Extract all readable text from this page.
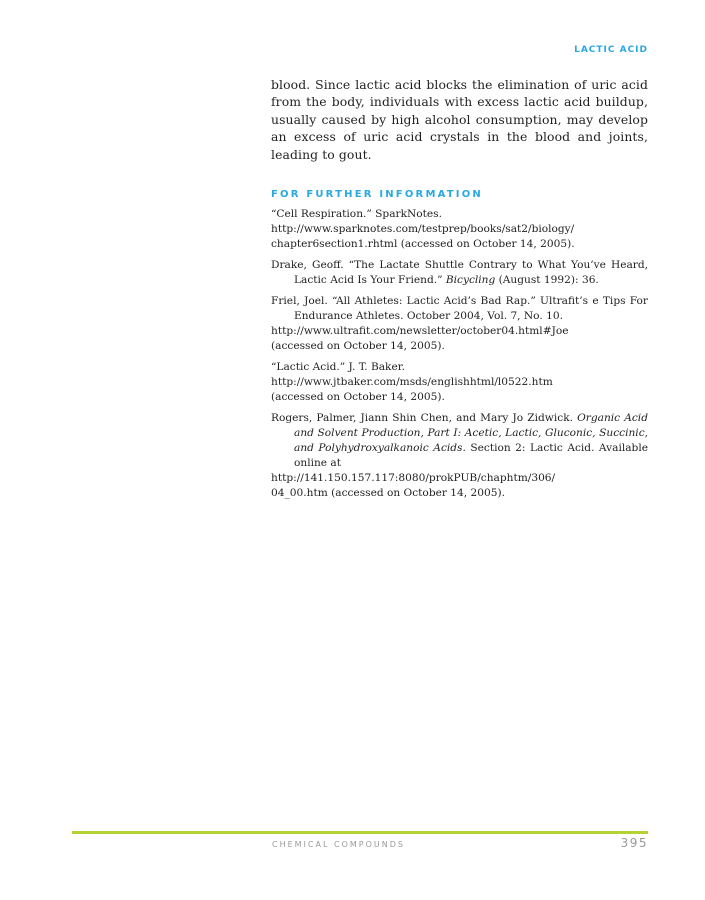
LACTIC ACID

blood. Since lactic acid blocks the elimination of uric acid from the body, individuals with excess lactic acid buildup, usually caused by high alcohol consumption, may develop an excess of uric acid crystals in the blood and joints, leading to gout.

FOR FURTHER INFORMATION
“Cell Respiration.” SparkNotes.
http://www.sparknotes.com/testprep/books/sat2/biology/
chapter6section1.rhtml (accessed on October 14, 2005).
Drake, Geoff. “The Lactate Shuttle Contrary to What You’ve Heard, Lactic Acid Is Your Friend.” Bicycling (August 1992): 36.
Friel, Joel. “All Athletes: Lactic Acid’s Bad Rap.” Ultrafit’s e Tips For Endurance Athletes. October 2004, Vol. 7, No. 10.
http://www.ultrafit.com/newsletter/october04.html#Joe
(accessed on October 14, 2005).
“Lactic Acid.” J. T. Baker.
http://www.jtbaker.com/msds/englishhtml/l0522.htm
(accessed on October 14, 2005).
Rogers, Palmer, Jiann Shin Chen, and Mary Jo Zidwick. Organic Acid and Solvent Production, Part I: Acetic, Lactic, Gluconic, Succinic, and Polyhydroxyalkanoic Acids. Section 2: Lactic Acid. Available online at
http://141.150.157.117:8080/prokPUB/chaphtm/306/
04_00.htm (accessed on October 14, 2005).
CHEMICAL COMPOUNDS	395
